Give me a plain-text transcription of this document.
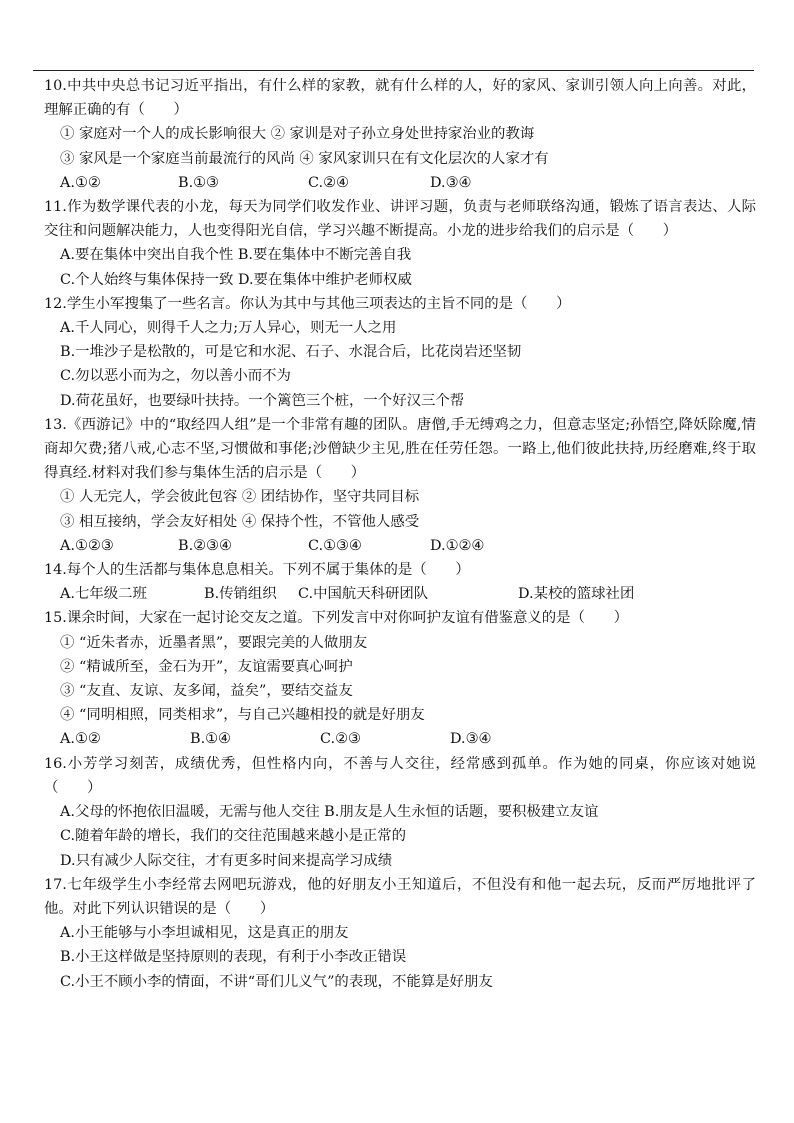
10.中共中央总书记习近平指出，有什么样的家教，就有什么样的人，好的家风、家训引领人向上向善。对此，理解正确的有（　　）

① 家庭对一个人的成长影响很大 ② 家训是对子孙立身处世持家治业的教诲

③ 家风是一个家庭当前最流行的风尚 ④ 家风家训只在有文化层次的人家才有

A.①②	B.①③	C.②④	D.③④

11.作为数学课代表的小龙，每天为同学们收发作业、讲评习题，负责与老师联络沟通，锻炼了语言表达、人际交往和问题解决能力，人也变得阳光自信，学习兴趣不断提高。小龙的进步给我们的启示是（　　）

A.要在集体中突出自我个性 B.要在集体中不断完善自我

C.个人始终与集体保持一致 D.要在集体中维护老师权威

12.学生小军搜集了一些名言。你认为其中与其他三项表达的主旨不同的是（　　）

A.千人同心，则得千人之力;万人异心，则无一人之用

B.一堆沙子是松散的，可是它和水泥、石子、水混合后，比花岗岩还坚韧

C.勿以恶小而为之，勿以善小而不为

D.荷花虽好，也要绿叶扶持。一个篱笆三个桩，一个好汉三个帮

13.《西游记》中的“取经四人组”是一个非常有趣的团队。唐僧,手无缚鸡之力，但意志坚定;孙悟空,降妖除魔,情商却欠费;猪八戒,心志不坚,习惯做和事佬;沙僧缺少主见,胜在任劳任怨。一路上,他们彼此扶持,历经磨难,终于取得真经.材料对我们参与集体生活的启示是（　　）

① 人无完人，学会彼此包容 ② 团结协作，坚守共同目标

③ 相互接纳，学会友好相处 ④ 保持个性，不管他人感受

A.①②③	B.②③④	C.①③④	D.①②④

14.每个人的生活都与集体息息相关。下列不属于集体的是（　　）

A.七年级二班	B.传销组织 C.中国航天科研团队	D.某校的篮球社团

15.课余时间，大家在一起讨论交友之道。下列发言中对你呵护友谊有借鉴意义的是（　　）

① “近朱者赤，近墨者黑”，要跟完美的人做朋友

② “精诚所至，金石为开”，友谊需要真心呵护

③ “友直、友谅、友多闻，益矣”，要结交益友

④ “同明相照，同类相求”，与自己兴趣相投的就是好朋友

A.①②	B.①④	C.②③	D.③④

16.小芳学习刻苦，成绩优秀，但性格内向，不善与人交往，经常感到孤单。作为她的同桌，你应该对她说（　　）

A.父母的怀抱依旧温暖，无需与他人交往 B.朋友是人生永恒的话题，要积极建立友谊

C.随着年龄的增长，我们的交往范围越来越小是正常的

D.只有减少人际交往，才有更多时间来提高学习成绩

17.七年级学生小李经常去网吧玩游戏，他的好朋友小王知道后，不但没有和他一起去玩，反而严厉地批评了他。对此下列认识错误的是（　　）

A.小王能够与小李坦诚相见，这是真正的朋友

B.小王这样做是坚持原则的表现，有利于小李改正错误

C.小王不顾小李的情面，不讲“哥们儿义气”的表现，不能算是好朋友
